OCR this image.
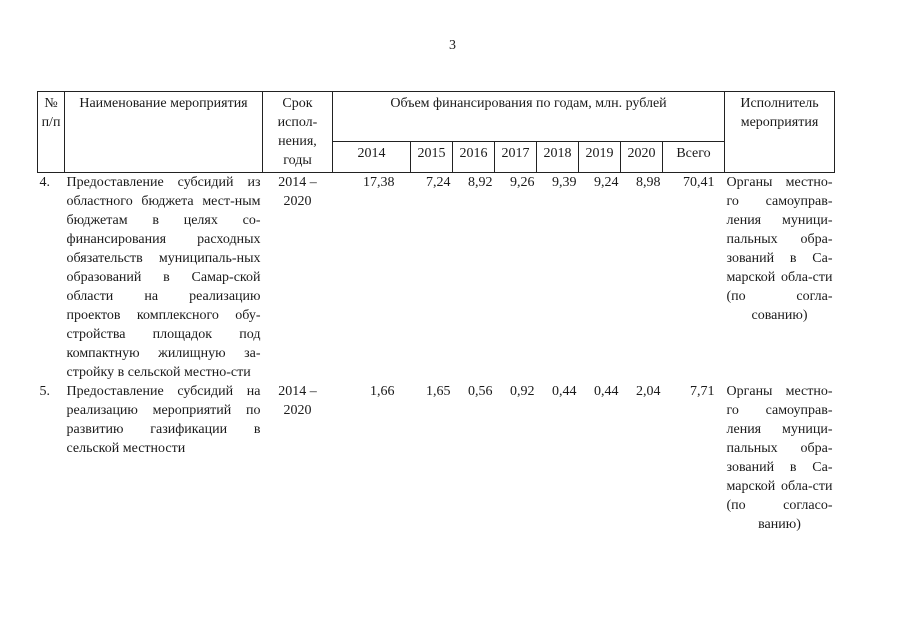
3
№ п/п	Наименование мероприятия	Срок испол-нения, годы	Объем финансирования по годам, млн. рублей								Исполнитель мероприятия
			2014	2015	2016	2017	2018	2019	2020	Всего	
4.	Предоставление субсидий из областного бюджета мест-ным бюджетам в целях со-финансирования расходных обязательств муниципаль-ных образований в Самар-ской области на реализацию проектов комплексного обу-стройства площадок под компактную жилищную за-стройку в сельской местно-сти	2014 – 2020	17,38	7,24	8,92	9,26	9,39	9,24	8,98	70,41	Органы местно-го самоуправ-ления муници-пальных обра-зований в Са-марской обла-сти (по согла-сованию)
5.	Предоставление субсидий на реализацию мероприятий по развитию газификации в сельской местности	2014 – 2020	1,66	1,65	0,56	0,92	0,44	0,44	2,04	7,71	Органы местно-го самоуправ-ления муници-пальных обра-зований в Са-марской обла-сти (по согласо-ванию)
